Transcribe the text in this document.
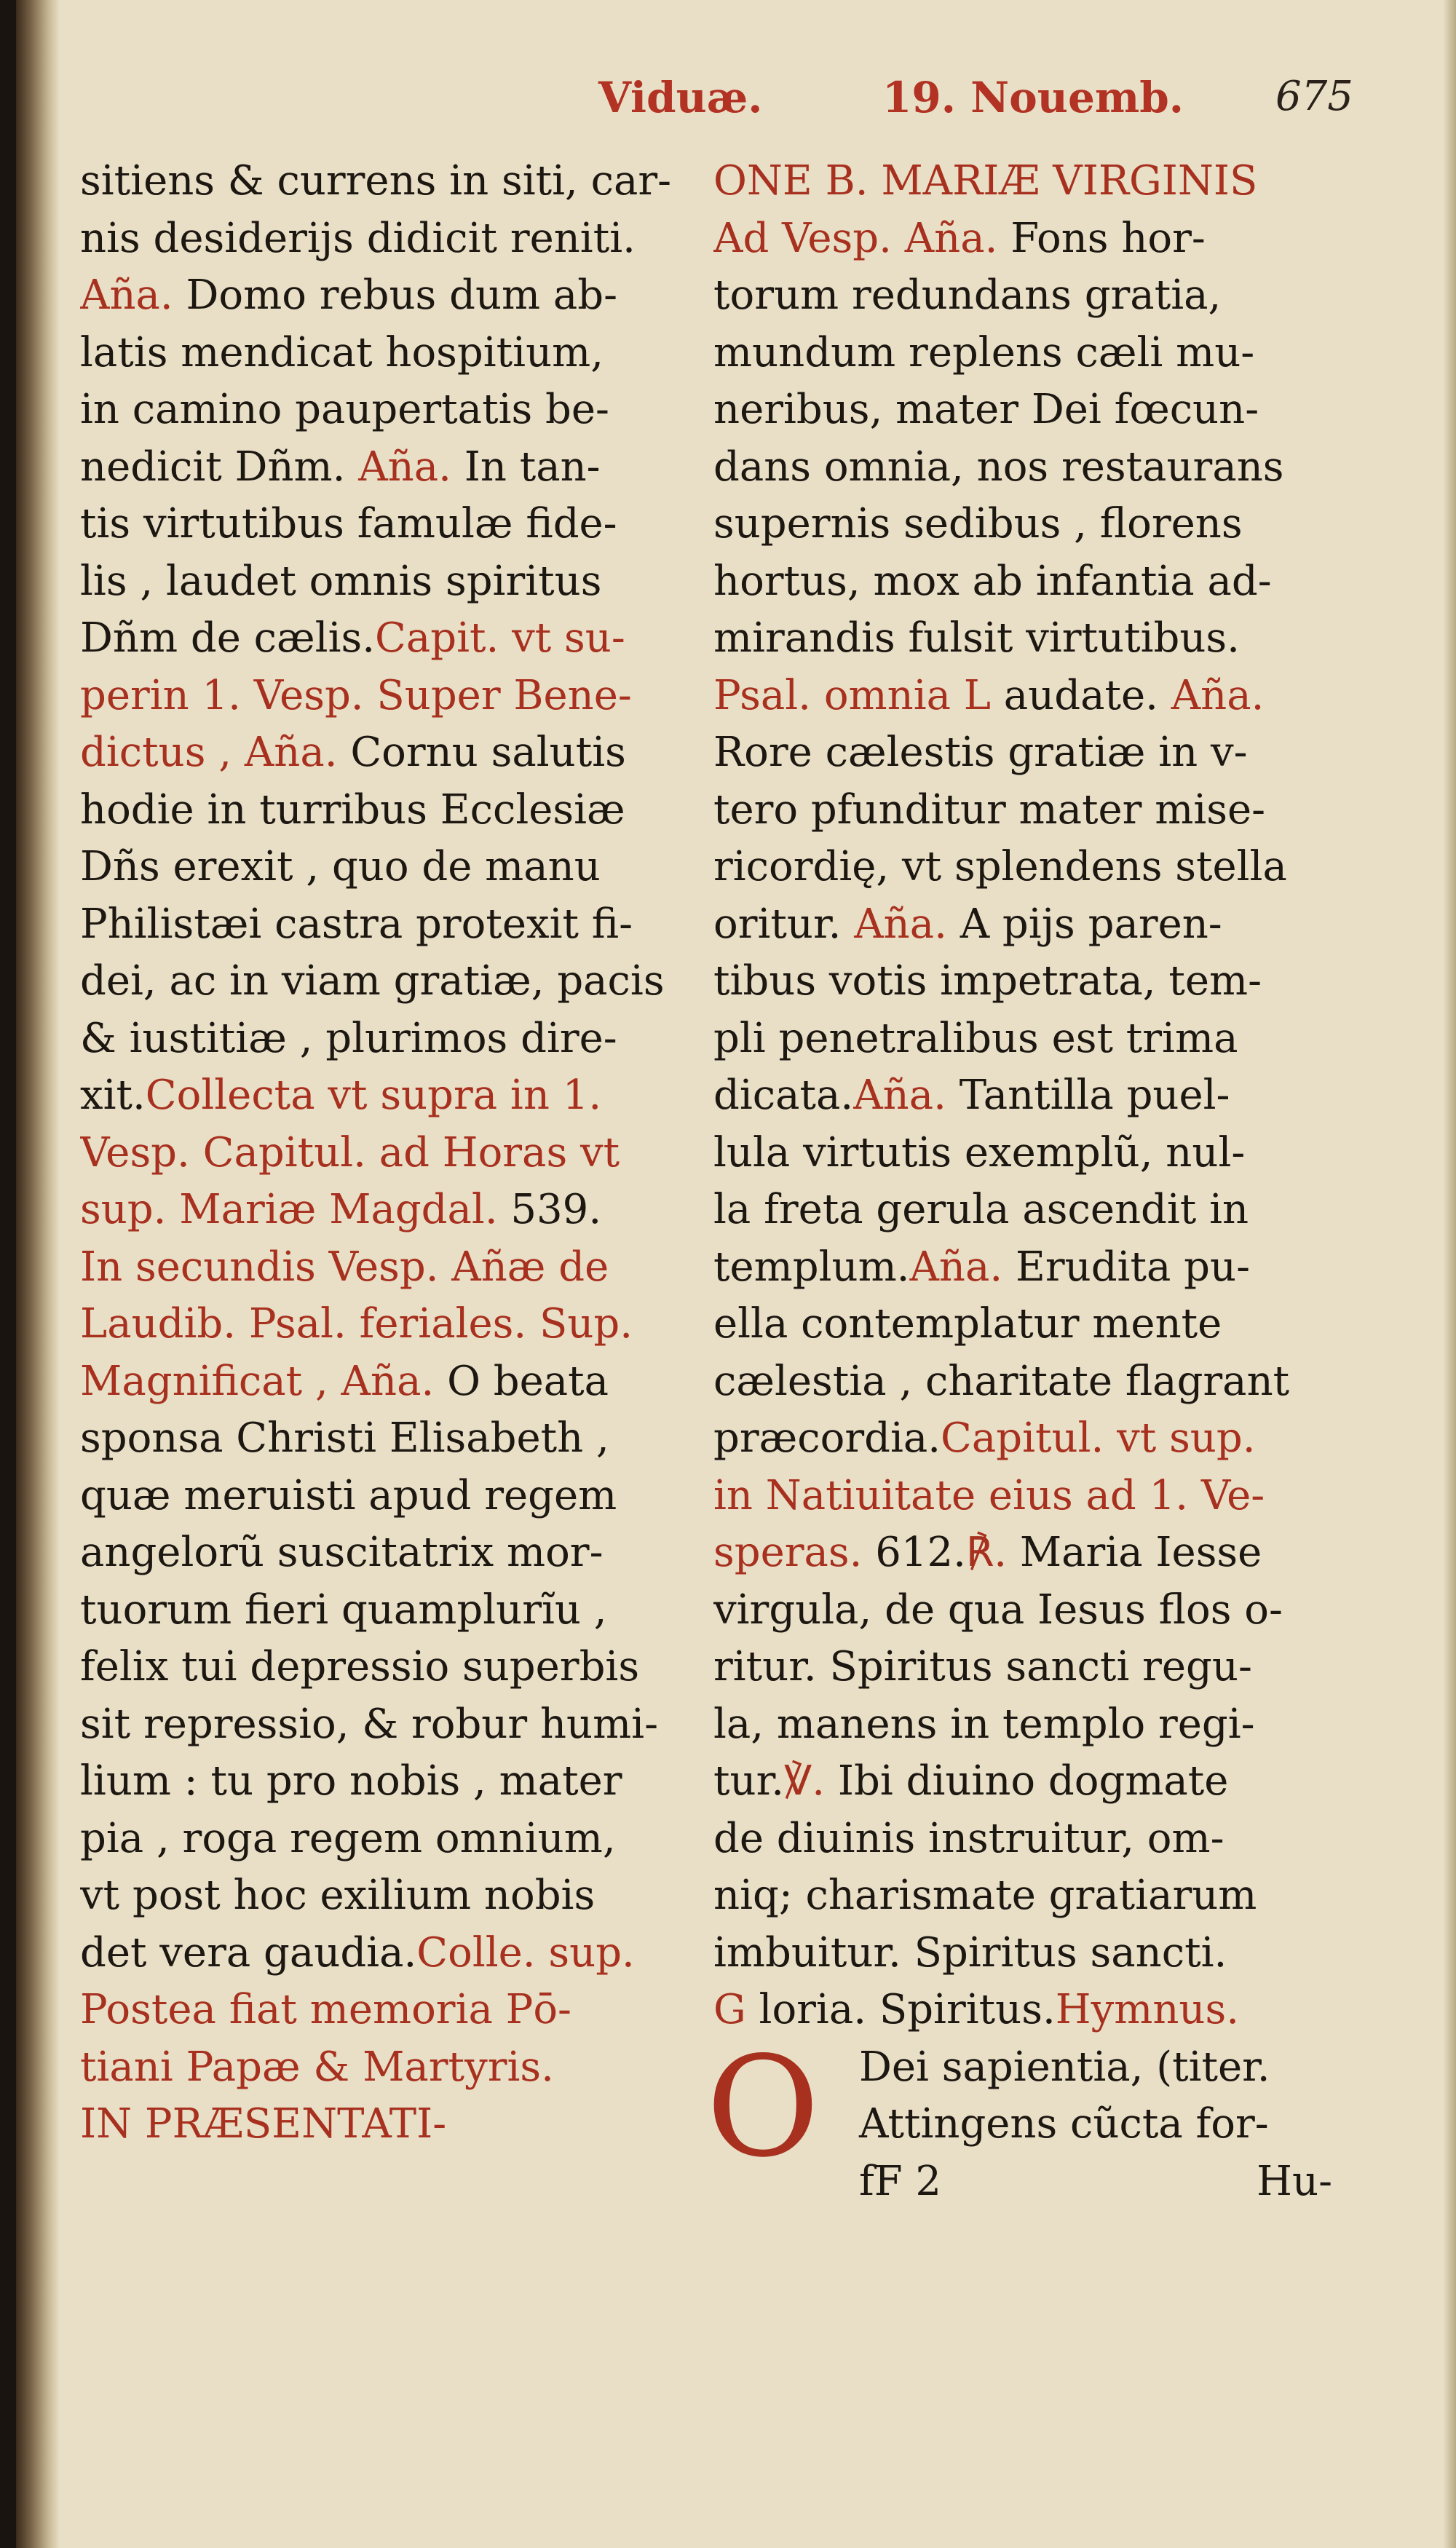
Viduæ.	19. Nouemb. 675
sitiens & currens in siti, car-
nis desiderijs didicit reniti.
Aña. Domo rebus dum ab-
latis mendicat hospitium,
in camino paupertatis be-
nedicit Dñm. Aña. In tan-
tis virtutibus famulæ fide-
lis , laudet omnis spiritus
Dñm de cælis.Capit. vt su-
perin 1. Vesp. Super Bene-
dictus , Aña. Cornu salutis
hodie in turribus Ecclesiæ
Dñs erexit , quo de manu
Philistæi castra protexit fi-
dei, ac in viam gratiæ, pacis
& iustitiæ , plurimos dire-
xit.Collecta vt supra in 1.
Vesp. Capitul. ad Horas vt
sup. Mariæ Magdal. 539.
In secundis Vesp. Añæ de
Laudib. Psal. feriales. Sup.
Magnificat , Aña. O beata
sponsa Christi Elisabeth ,
quæ meruisti apud regem
angelorũ suscitatrix mor-
tuorum fieri quamplurĩu ,
felix tui depressio superbis
sit repressio, & robur humi-
lium : tu pro nobis , mater
pia , roga regem omnium,
vt post hoc exilium nobis
det vera gaudia.Colle. sup.
Postea fiat memoria Pō-
tiani Papæ & Martyris.
IN PRÆSENTATI-
ONE B. MARIÆ VIRGINIS
Ad Vesp. Aña. Fons hor-
torum redundans gratia,
mundum replens cæli mu-
neribus, mater Dei fœcun-
dans omnia, nos restaurans
supernis sedibus , florens
hortus, mox ab infantia ad-
mirandis fulsit virtutibus.
Psal. omnia L audate. Aña.
Rore cælestis gratiæ in v-
tero pfunditur mater mise-
ricordię, vt splendens stella
oritur. Aña. A pijs paren-
tibus votis impetrata, tem-
pli penetralibus est trima
dicata.Aña. Tantilla puel-
lula virtutis exemplũ, nul-
la freta gerula ascendit in
templum.Aña. Erudita pu-
ella contemplatur mente
cælestia , charitate flagrant
præcordia.Capitul. vt sup.
in Natiuitate eius ad 1. Ve-
speras. 612.℟. Maria Iesse
virgula, de qua Iesus flos o-
ritur. Spiritus sancti regu-
la, manens in templo regi-
tur.℣. Ibi diuino dogmate
de diuinis instruitur, om-
niq; charismate gratiarum
imbuitur. Spiritus sancti.
G loria. Spiritus.Hymnus.
O Dei sapientia, (titer.
Attingens cũcta for-
fF 2	Hu-
